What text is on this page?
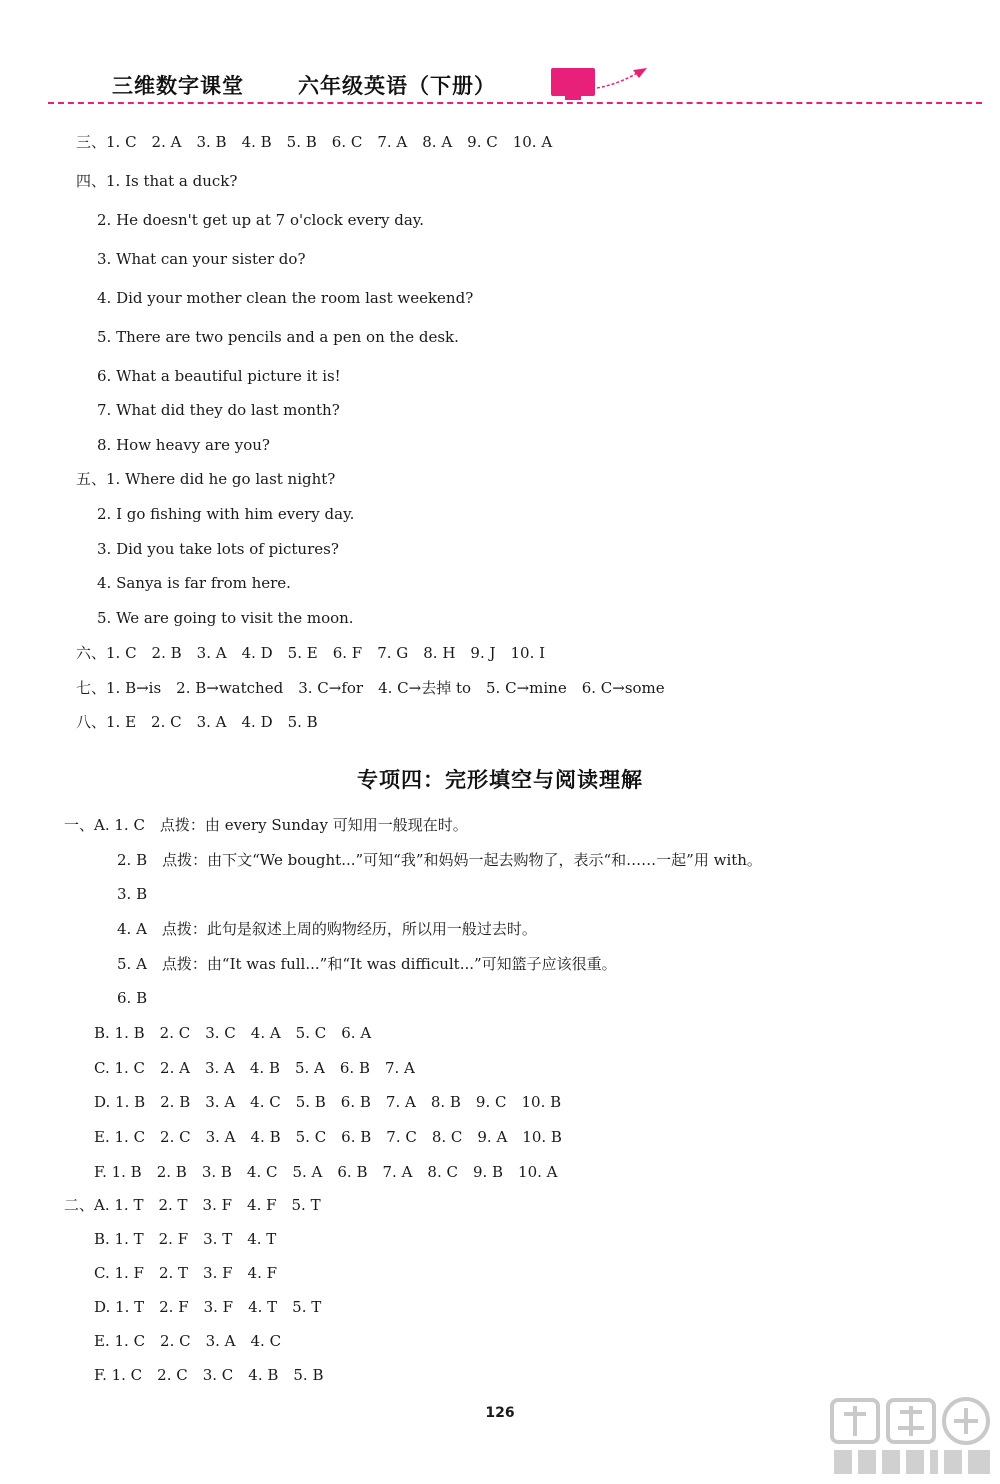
三维数字课堂	六年级英语（下册）
三、1. C　2. A　3. B　4. B　5. B　6. C　7. A　8. A　9. C　10. A
四、1. Is that a duck?
2. He doesn't get up at 7 o'clock every day.
3. What can your sister do?
4. Did your mother clean the room last weekend?
5. There are two pencils and a pen on the desk.
6. What a beautiful picture it is!
7. What did they do last month?
8. How heavy are you?
五、1. Where did he go last night?
2. I go fishing with him every day.
3. Did you take lots of pictures?
4. Sanya is far from here.
5. We are going to visit the moon.
六、1. C　2. B　3. A　4. D　5. E　6. F　7. G　8. H　9. J　10. I
七、1. B→is　2. B→watched　3. C→for　4. C→去掉 to　5. C→mine　6. C→some
八、1. E　2. C　3. A　4. D　5. B
专项四：完形填空与阅读理解
一、A. 1. C　点拨：由 every Sunday 可知用一般现在时。
2. B　点拨：由下文“We bought...”可知“我”和妈妈一起去购物了，表示“和……一起”用 with。
3. B
4. A　点拨：此句是叙述上周的购物经历，所以用一般过去时。
5. A　点拨：由“It was full...”和“It was difficult...”可知篮子应该很重。
6. B
B. 1. B　2. C　3. C　4. A　5. C　6. A
C. 1. C　2. A　3. A　4. B　5. A　6. B　7. A
D. 1. B　2. B　3. A　4. C　5. B　6. B　7. A　8. B　9. C　10. B
E. 1. C　2. C　3. A　4. B　5. C　6. B　7. C　8. C　9. A　10. B
F. 1. B　2. B　3. B　4. C　5. A　6. B　7. A　8. C　9. B　10. A
二、A. 1. T　2. T　3. F　4. F　5. T
B. 1. T　2. F　3. T　4. T
C. 1. F　2. T　3. F　4. F
D. 1. T　2. F　3. F　4. T　5. T
E. 1. C　2. C　3. A　4. C
F. 1. C　2. C　3. C　4. B　5. B
126
